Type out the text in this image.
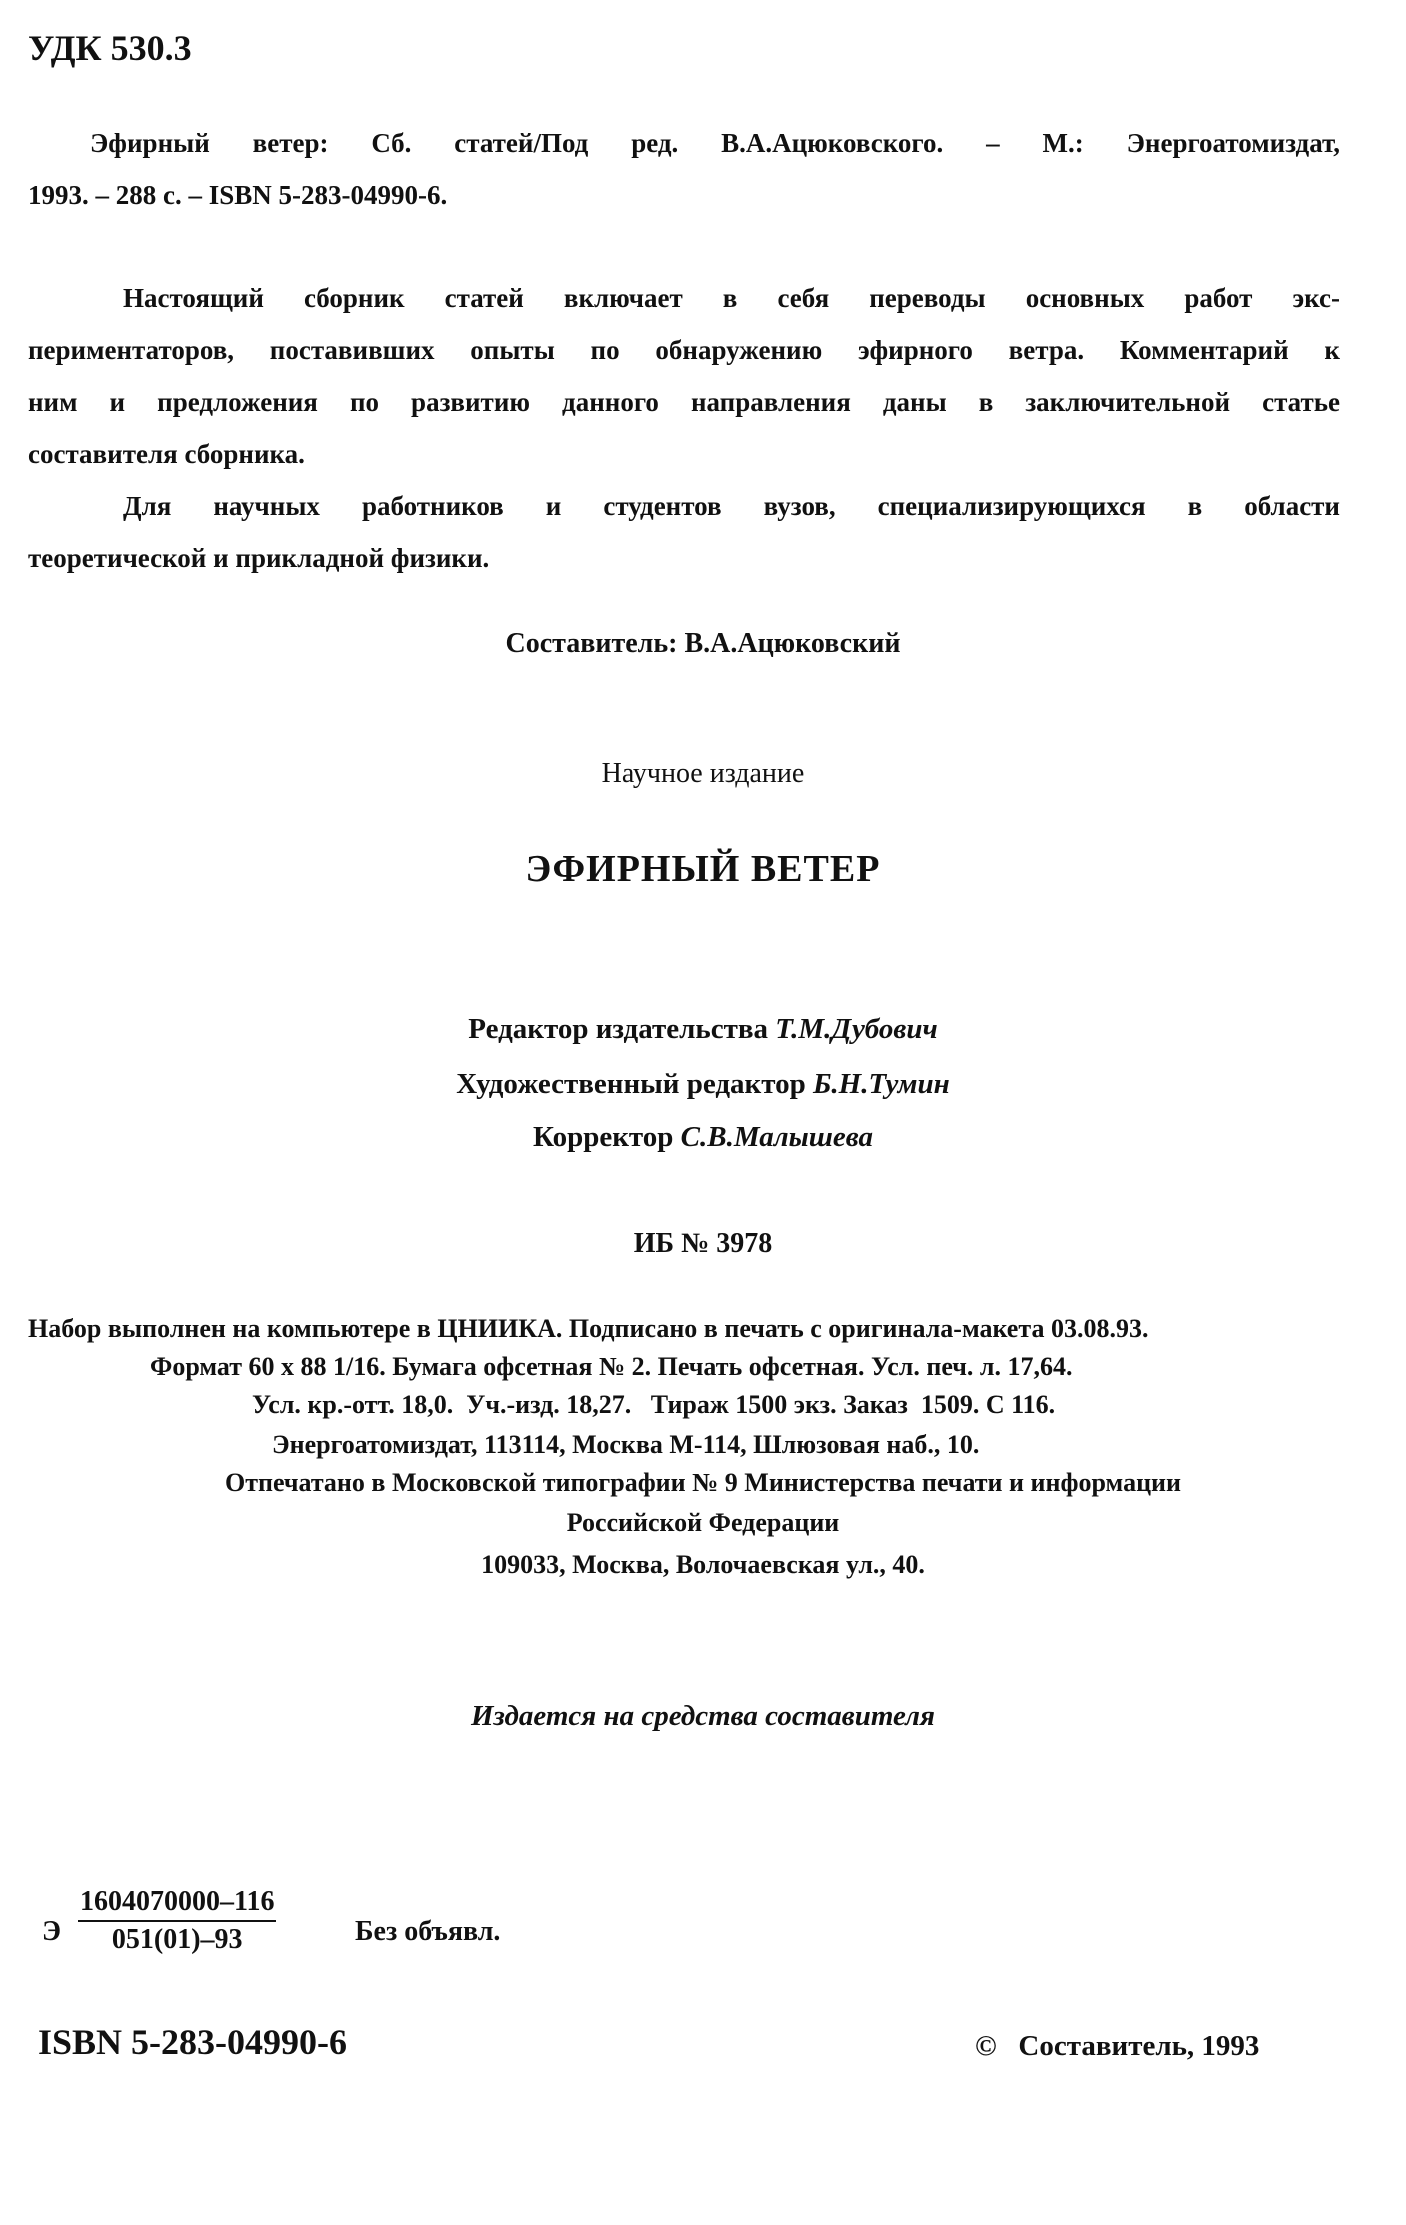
УДК 530.3

Эфирный ветер: Сб. статей/Под ред. В.А.Ацюковского. – М.: Энергоатомиздат,
1993. – 288 с. – ISBN 5-283-04990-6.

Настоящий сборник статей включает в себя переводы основных работ экс-
периментаторов, поставивших опыты по обнаружению эфирного ветра. Комментарий к
ним и предложения по развитию данного направления даны в заключительной статье
составителя сборника.

Для научных работников и студентов вузов, специализирующихся в области
теоретической и прикладной физики.

Составитель: В.А.Ацюковский

Научное издание

ЭФИРНЫЙ ВЕТЕР

Редактор издательства Т.М.Дубович

Художественный редактор Б.Н.Тумин

Корректор С.В.Малышева

ИБ № 3978

Набор выполнен на компьютере в ЦНИИКА. Подписано в печать с оригинала-макета 03.08.93.

Формат 60 х 88 1/16. Бумага офсетная № 2. Печать офсетная. Усл. печ. л. 17,64.

Усл. кр.-отт. 18,0.  Уч.-изд. 18,27.   Тираж 1500 экз. Заказ  1509. С 116.

Энергоатомиздат, 113114, Москва М-114, Шлюзовая наб., 10.

Отпечатано в Московской типографии № 9 Министерства печати и информации

Российской Федерации

109033, Москва, Волочаевская ул., 40.

Издается на средства составителя

Э $\frac{1604070000-116}{051(01)-93}$	Без объявл.

ISBN 5-283-04990-6	© Составитель, 1993
